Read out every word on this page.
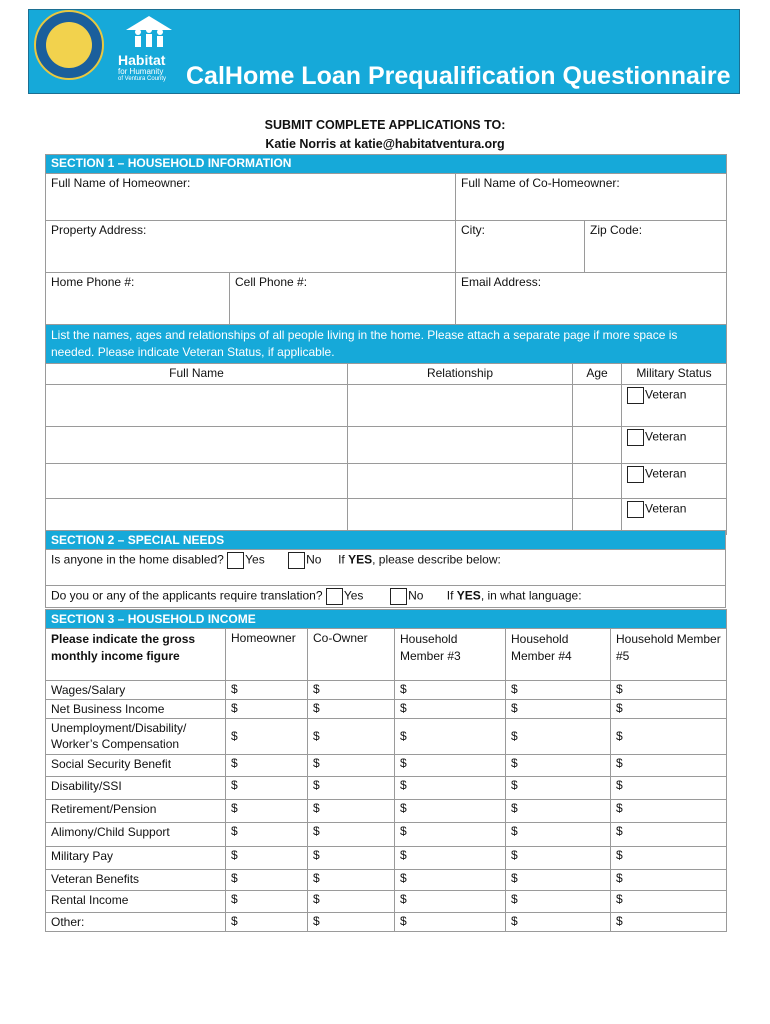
Habitat
for Humanity
of Ventura County CalHome Loan Prequalification Questionnaire
SUBMIT COMPLETE APPLICATIONS TO:
Katie Norris at katie@habitatventura.org
SECTION 1 – HOUSEHOLD INFORMATION			
Full Name of Homeowner:		Full Name of Co-Homeowner:	
Property Address:		City:	Zip Code:
Home Phone #:	Cell Phone #:	Email Address:	
List the names, ages and relationships of all people living in the home. Please attach a separate page if more space is needed. Please indicate Veteran Status, if applicable.			
Full Name	Relationship	Age	Military Status
			Veteran
			Veteran
			Veteran
			Veteran
SECTION 2 – SPECIAL NEEDS
Is anyone in the home disabled? Yes	No If YES, please describe below:
Do you or any of the applicants require translation? Yes	No If YES, in what language:
SECTION 3 – HOUSEHOLD INCOME					
Please indicate the gross monthly income figure	Homeowner	Co-Owner	Household Member #3	Household Member #4	Household Member #5
Wages/Salary	$	$	$	$	$
Net Business Income	$	$	$	$	$
Unemployment/Disability/ Worker’s Compensation	$	$	$	$	$
Social Security Benefit	$	$	$	$	$
Disability/SSI	$	$	$	$	$
Retirement/Pension	$	$	$	$	$
Alimony/Child Support	$	$	$	$	$
Military Pay	$	$	$	$	$
Veteran Benefits	$	$	$	$	$
Rental Income	$	$	$	$	$
Other:	$	$	$	$	$
